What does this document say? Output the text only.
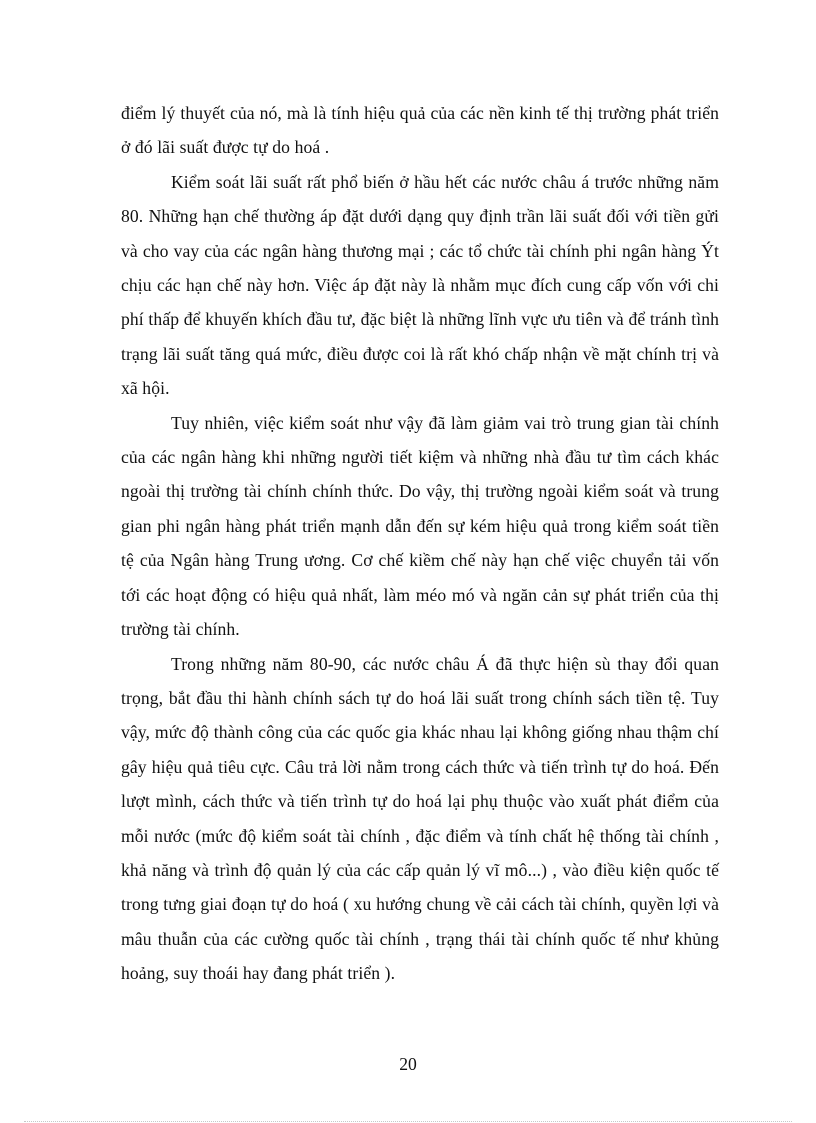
điểm lý thuyết của nó, mà là tính hiệu quả của các nền kinh tế thị trường phát triển ở đó lãi suất được tự do hoá .

Kiểm soát lãi suất rất phổ biến ở hầu hết các nước châu á trước những năm 80. Những hạn chế thường áp đặt dưới dạng quy định trần lãi suất đối với tiền gửi và cho vay của các ngân hàng thương mại ; các tổ chức tài chính phi ngân hàng Ýt chịu các hạn chế này hơn. Việc áp đặt này là nhằm mục đích cung cấp vốn với chi phí thấp để khuyến khích đầu tư, đặc biệt là những lĩnh vực ưu tiên và để tránh tình trạng lãi suất tăng quá mức, điều được coi là rất khó chấp nhận về mặt chính trị và xã hội.

Tuy nhiên, việc kiểm soát như vậy đã làm giảm vai trò trung gian tài chính của các ngân hàng khi những người tiết kiệm và những nhà đầu tư tìm cách khác ngoài thị trường tài chính chính thức. Do vậy, thị trường ngoài kiểm soát và trung gian phi ngân hàng phát triển mạnh dẫn đến sự kém hiệu quả trong kiểm soát tiền tệ của Ngân hàng Trung ương. Cơ chế kiềm chế này hạn chế việc chuyển tải vốn tới các hoạt động có hiệu quả nhất, làm méo mó và ngăn cản sự phát triển của thị trường tài chính.

Trong những năm 80-90, các nước châu Á đã thực hiện sù thay đổi quan trọng, bắt đầu thi hành chính sách tự do hoá lãi suất trong chính sách tiền tệ. Tuy vậy, mức độ thành công của các quốc gia khác nhau lại không giống nhau thậm chí gây hiệu quả tiêu cực. Câu trả lời nằm trong cách thức và tiến trình tự do hoá. Đến lượt mình, cách thức và tiến trình tự do hoá lại phụ thuộc vào xuất phát điểm của mỗi nước (mức độ kiểm soát tài chính , đặc điểm và tính chất hệ thống tài chính , khả năng và trình độ quản lý của các cấp quản lý vĩ mô...) , vào điều kiện quốc tế trong tưng giai đoạn tự do hoá ( xu hướng chung về cải cách tài chính, quyền lợi và mâu thuẫn của các cường quốc tài chính , trạng thái tài chính quốc tế như khủng hoảng, suy thoái hay đang phát triển ).

20
